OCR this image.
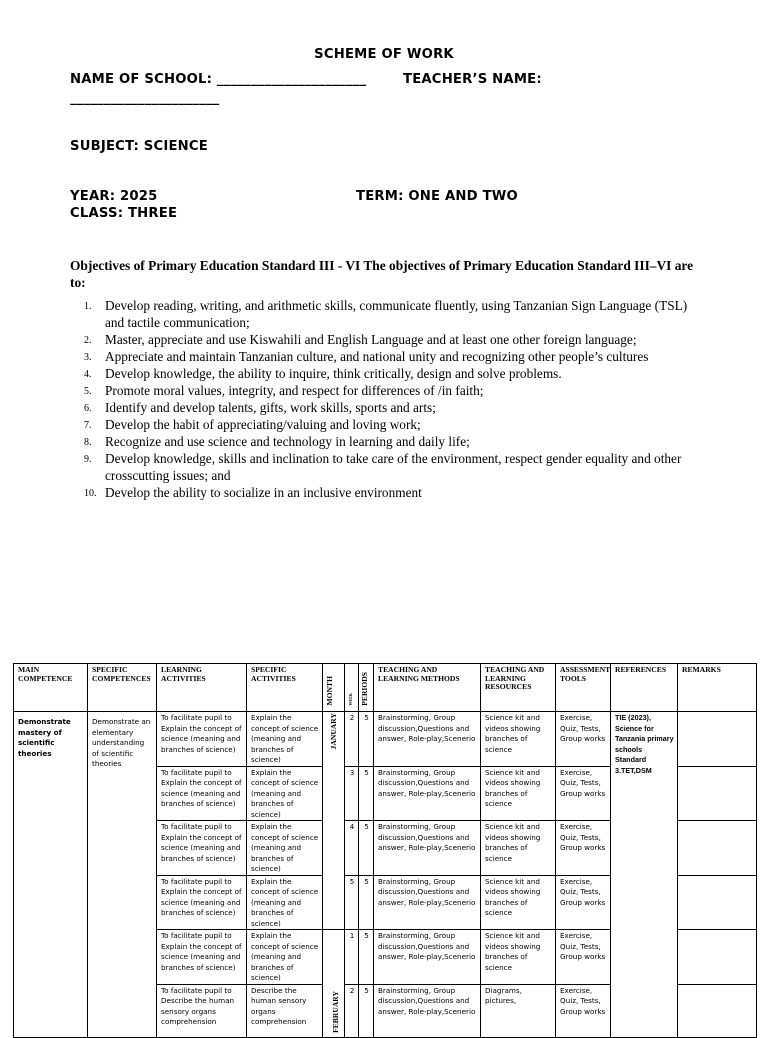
SCHEME OF WORK
NAME OF SCHOOL: ______________________	TEACHER’S NAME:
______________________
SUBJECT: SCIENCE
YEAR: 2025	TERM: ONE AND TWO
CLASS: THREE
Objectives of Primary Education Standard III - VI The objectives of Primary Education Standard III–VI are to:
1. Develop reading, writing, and arithmetic skills, communicate fluently, using Tanzanian Sign Language (TSL) and tactile communication;
2. Master, appreciate and use Kiswahili and English Language and at least one other foreign language;
3. Appreciate and maintain Tanzanian culture, and national unity and recognizing other people’s cultures
4. Develop knowledge, the ability to inquire, think critically, design and solve problems.
5. Promote moral values, integrity, and respect for differences of /in faith;
6. Identify and develop talents, gifts, work skills, sports and arts;
7. Develop the habit of appreciating/valuing and loving work;
8. Recognize and use science and technology in learning and daily life;
9. Develop knowledge, skills and inclination to take care of the environment, respect gender equality and other crosscutting issues; and
10. Develop the ability to socialize in an inclusive environment
MAIN COMPETENCE	SPECIFIC COMPETENCES	LEARNING ACTIVITIES	SPECIFIC ACTIVITIES	MONTH	WEEK	PERIODS	TEACHING AND LEARNING METHODS	TEACHING AND LEARNING RESOURCES	ASSESSMENT TOOLS	REFERENCES	REMARKS
Demonstrate mastery of scientific theories	Demonstrate an elementary understanding of scientific theories	To facilitate pupil to Explain the concept of science (meaning and branches of science)	Explain the concept of science (meaning and branches of science)	JANUARY	2	5	Brainstorming, Group discussion,Questions and answer, Role-play,Scenerio	Science kit and videos showing branches of science	Exercise, Quiz, Tests, Group works	TIE (2023), Science for Tanzania primary schools Standard 3.TET,DSM	
		To facilitate pupil to Explain the concept of science (meaning and branches of science)	Explain the concept of science (meaning and branches of science)		3	5	Brainstorming, Group discussion,Questions and answer, Role-play,Scenerio	Science kit and videos showing branches of science	Exercise, Quiz, Tests, Group works		
		To facilitate pupil to Explain the concept of science (meaning and branches of science)	Explain the concept of science (meaning and branches of science)		4	5	Brainstorming, Group discussion,Questions and answer, Role-play,Scenerio	Science kit and videos showing branches of science	Exercise, Quiz, Tests, Group works		
		To facilitate pupil to Explain the concept of science (meaning and branches of science)	Explain the concept of science (meaning and branches of science)		5	5	Brainstorming, Group discussion,Questions and answer, Role-play,Scenerio	Science kit and videos showing branches of science	Exercise, Quiz, Tests, Group works		
		To facilitate pupil to Explain the concept of science (meaning and branches of science)	Explain the concept of science (meaning and branches of science)	FEBRUARY	1	5	Brainstorming, Group discussion,Questions and answer, Role-play,Scenerio	Science kit and videos showing branches of science	Exercise, Quiz, Tests, Group works		
		To facilitate pupil to Describe the human sensory organs comprehension	Describe the human sensory organs comprehension		2	5	Brainstorming, Group discussion,Questions and answer, Role-play,Scenerio	Diagrams, pictures,	Exercise, Quiz, Tests, Group works		
